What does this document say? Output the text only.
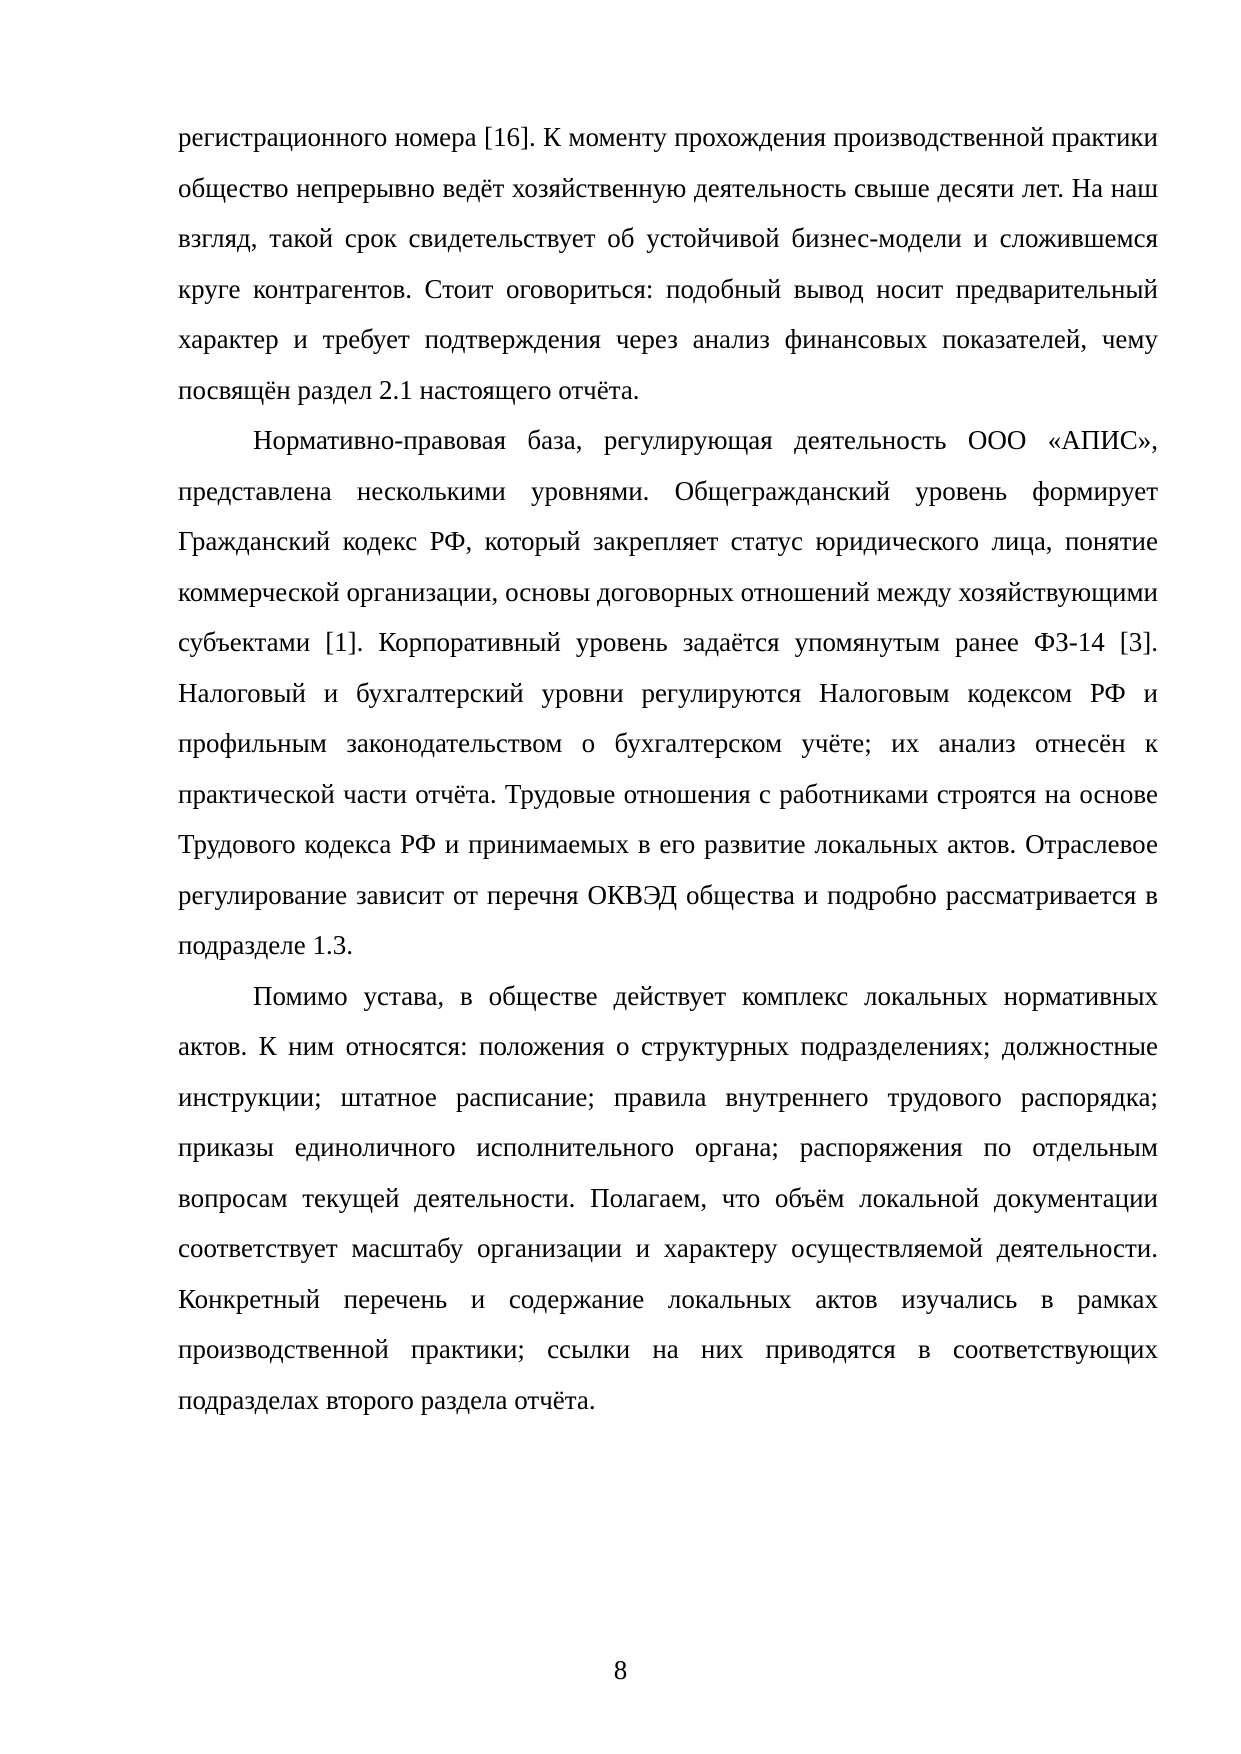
регистрационного номера [16]. К моменту прохождения производственной практики общество непрерывно ведёт хозяйственную деятельность свыше десяти лет. На наш взгляд, такой срок свидетельствует об устойчивой бизнес-модели и сложившемся круге контрагентов. Стоит оговориться: подобный вывод носит предварительный характер и требует подтверждения через анализ финансовых показателей, чему посвящён раздел 2.1 настоящего отчёта.

Нормативно-правовая база, регулирующая деятельность ООО «АПИС», представлена несколькими уровнями. Общегражданский уровень формирует Гражданский кодекс РФ, который закрепляет статус юридического лица, понятие коммерческой организации, основы договорных отношений между хозяйствующими субъектами [1]. Корпоративный уровень задаётся упомянутым ранее ФЗ-14 [3]. Налоговый и бухгалтерский уровни регулируются Налоговым кодексом РФ и профильным законодательством о бухгалтерском учёте; их анализ отнесён к практической части отчёта. Трудовые отношения с работниками строятся на основе Трудового кодекса РФ и принимаемых в его развитие локальных актов. Отраслевое регулирование зависит от перечня ОКВЭД общества и подробно рассматривается в подразделе 1.3.

Помимо устава, в обществе действует комплекс локальных нормативных актов. К ним относятся: положения о структурных подразделениях; должностные инструкции; штатное расписание; правила внутреннего трудового распорядка; приказы единоличного исполнительного органа; распоряжения по отдельным вопросам текущей деятельности. Полагаем, что объём локальной документации соответствует масштабу организации и характеру осуществляемой деятельности. Конкретный перечень и содержание локальных актов изучались в рамках производственной практики; ссылки на них приводятся в соответствующих подразделах второго раздела отчёта.

8
